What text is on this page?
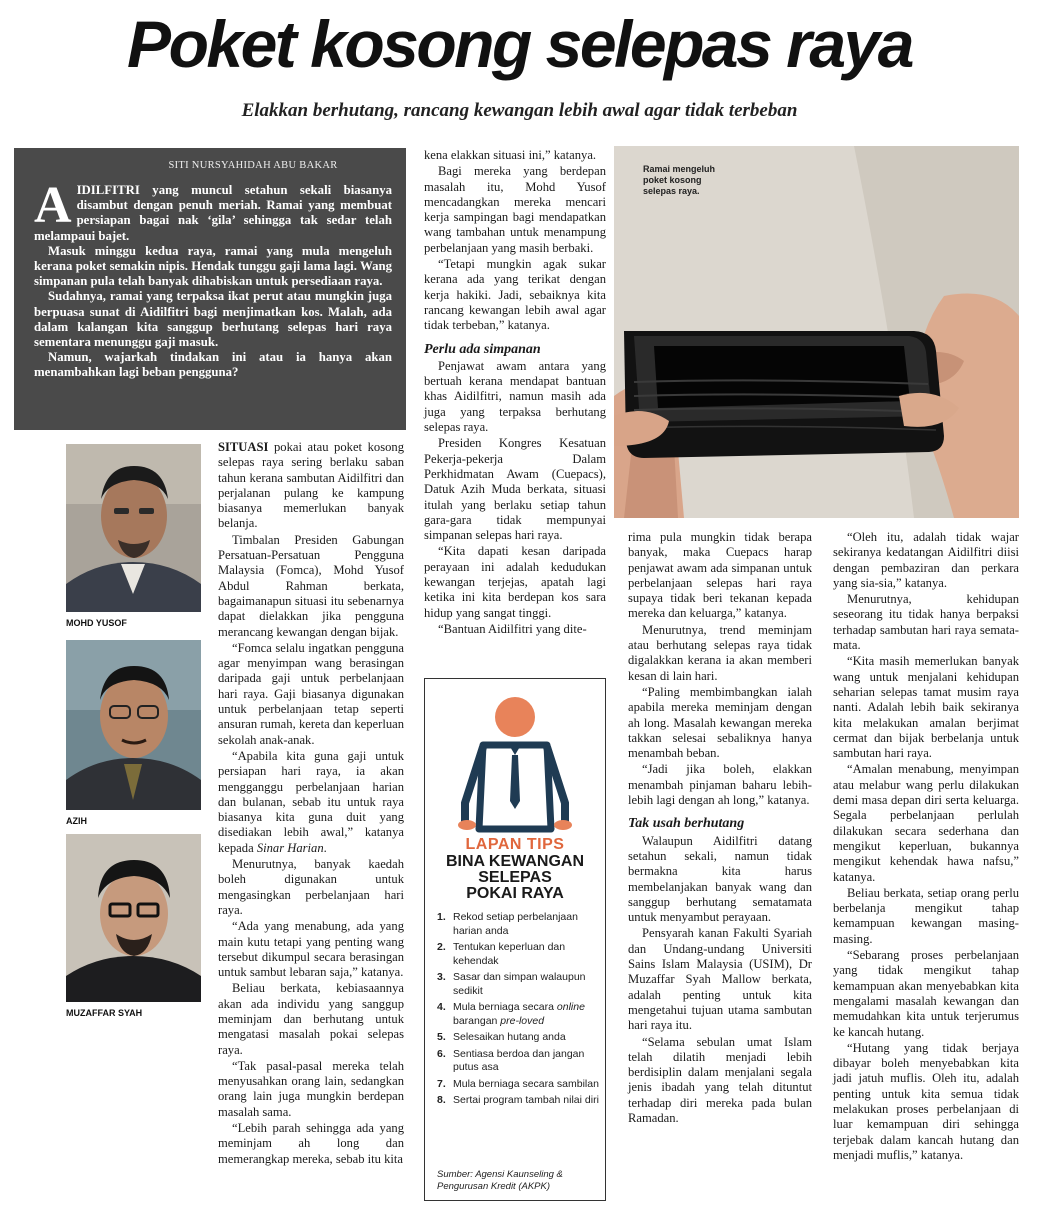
Poket kosong selepas raya
Elakkan berhutang, rancang kewangan lebih awal agar tidak terbeban
SITI NURSYAHIDAH ABU BAKAR

AIDILFITRI yang muncul setahun sekali biasanya disambut dengan penuh meriah. Ramai yang membuat persiapan bagai nak ‘gila’ sehingga tak sedar telah melampaui bajet.

Masuk minggu kedua raya, ramai yang mula mengeluh kerana poket semakin nipis. Hendak tunggu gaji lama lagi. Wang simpanan pula telah banyak dihabiskan untuk persediaan raya.

Sudahnya, ramai yang terpaksa ikat perut atau mungkin juga berpuasa sunat di Aidilfitri bagi menjimatkan kos. Malah, ada dalam kalangan kita sanggup berhutang selepas hari raya sementara menunggu gaji masuk.

Namun, wajarkah tindakan ini atau ia hanya akan menambahkan lagi beban pengguna?

Ramai mengeluh poket kosong selepas raya.
MOHD YUSOF
AZIH
MUZAFFAR SYAH

SITUASI pokai atau poket kosong selepas raya sering berlaku saban tahun kerana sambutan Aidilfitri dan perjalanan pulang ke kampung biasanya memerlukan banyak belanja.

Timbalan Presiden Gabungan Persatuan-Persatuan Pengguna Malaysia (Fomca), Mohd Yusof Abdul Rahman berkata, bagaimanapun situasi itu sebenarnya dapat dielakkan jika pengguna merancang kewangan dengan bijak.

“Fomca selalu ingatkan pengguna agar menyimpan wang berasingan daripada gaji untuk perbelanjaan hari raya. Gaji biasanya digunakan untuk perbelanjaan tetap seperti ansuran rumah, kereta dan keperluan sekolah anak-anak.

“Apabila kita guna gaji untuk persiapan hari raya, ia akan mengganggu perbelanjaan harian dan bulanan, sebab itu untuk raya biasanya kita guna duit yang disediakan lebih awal,” katanya kepada Sinar Harian.

Menurutnya, banyak kaedah boleh digunakan untuk mengasingkan perbelanjaan hari raya.

“Ada yang menabung, ada yang main kutu tetapi yang penting wang tersebut dikumpul secara berasingan untuk sambut lebaran saja,” katanya.

Beliau berkata, kebiasaannya akan ada individu yang sanggup meminjam dan berhutang untuk mengatasi masalah pokai selepas raya.

“Tak pasal-pasal mereka telah menyusahkan orang lain, sedangkan orang lain juga mungkin berdepan masalah sama.

“Lebih parah sehingga ada yang meminjam ah long dan memerangkap mereka, sebab itu kita

kena elakkan situasi ini,” katanya.

Bagi mereka yang berdepan masalah itu, Mohd Yusof mencadangkan mereka mencari kerja sampingan bagi mendapatkan wang tambahan untuk menampung perbelanjaan yang masih berbaki.

“Tetapi mungkin agak sukar kerana ada yang terikat dengan kerja hakiki. Jadi, sebaiknya kita rancang kewangan lebih awal agar tidak terbeban,” katanya.

Perlu ada simpanan

Penjawat awam antara yang bertuah kerana mendapat bantuan khas Aidilfitri, namun masih ada juga yang terpaksa berhutang selepas raya.

Presiden Kongres Kesatuan Pekerja-pekerja Dalam Perkhidmatan Awam (Cuepacs), Datuk Azih Muda berkata, situasi itulah yang berlaku setiap tahun gara-gara tidak mempunyai simpanan selepas hari raya.

“Kita dapati kesan daripada perayaan ini adalah kedudukan kewangan terjejas, apatah lagi ketika ini kita berdepan kos sara hidup yang sangat tinggi.

“Bantuan Aidilfitri yang dite-

LAPAN TIPS
BINA KEWANGAN
SELEPAS
POKAI RAYA
1. Rekod setiap perbelanjaan harian anda
2. Tentukan keperluan dan kehendak
3. Sasar dan simpan walaupun sedikit
4. Mula berniaga secara online barangan pre-loved
5. Selesaikan hutang anda
6. Sentiasa berdoa dan jangan putus asa
7. Mula berniaga secara sambilan
8. Sertai program tambah nilai diri
Sumber: Agensi Kaunseling & Pengurusan Kredit (AKPK)

rima pula mungkin tidak berapa banyak, maka Cuepacs harap penjawat awam ada simpanan untuk perbelanjaan selepas hari raya supaya tidak beri tekanan kepada mereka dan keluarga,” katanya.

Menurutnya, trend meminjam atau berhutang selepas raya tidak digalakkan kerana ia akan memberi kesan di lain hari.

“Paling membimbangkan ialah apabila mereka meminjam dengan ah long. Masalah kewangan mereka takkan selesai sebaliknya hanya menambah beban.

“Jadi jika boleh, elakkan menambah pinjaman baharu lebih-lebih lagi dengan ah long,” katanya.

Tak usah berhutang

Walaupun Aidilfitri datang setahun sekali, namun tidak bermakna kita harus membelanjakan banyak wang dan sanggup berhutang sematamata untuk menyambut perayaan.

Pensyarah kanan Fakulti Syariah dan Undang-undang Universiti Sains Islam Malaysia (USIM), Dr Muzaffar Syah Mallow berkata, adalah penting untuk kita mengetahui tujuan utama sambutan hari raya itu.

“Selama sebulan umat Islam telah dilatih menjadi lebih berdisiplin dalam menjalani segala jenis ibadah yang telah dituntut terhadap diri mereka pada bulan Ramadan.

“Oleh itu, adalah tidak wajar sekiranya kedatangan Aidilfitri diisi dengan pembaziran dan perkara yang sia-sia,” katanya.

Menurutnya, kehidupan seseorang itu tidak hanya berpaksi terhadap sambutan hari raya semata-mata.

“Kita masih memerlukan banyak wang untuk menjalani kehidupan seharian selepas tamat musim raya nanti. Adalah lebih baik sekiranya kita melakukan amalan berjimat cermat dan bijak berbelanja untuk sambutan hari raya.

“Amalan menabung, menyimpan atau melabur wang perlu dilakukan demi masa depan diri serta keluarga. Segala perbelanjaan perlulah dilakukan secara sederhana dan mengikut keperluan, bukannya mengikut kehendak hawa nafsu,” katanya.

Beliau berkata, setiap orang perlu berbelanja mengikut tahap kemampuan kewangan masing-masing.

“Sebarang proses perbelanjaan yang tidak mengikut tahap kemampuan akan menyebabkan kita mengalami masalah kewangan dan memudahkan kita untuk terjerumus ke kancah hutang.

“Hutang yang tidak berjaya dibayar boleh menyebabkan kita jadi jatuh muflis. Oleh itu, adalah penting untuk kita semua tidak melakukan proses perbelanjaan di luar kemampuan diri sehingga terjebak dalam kancah hutang dan menjadi muflis,” katanya.
